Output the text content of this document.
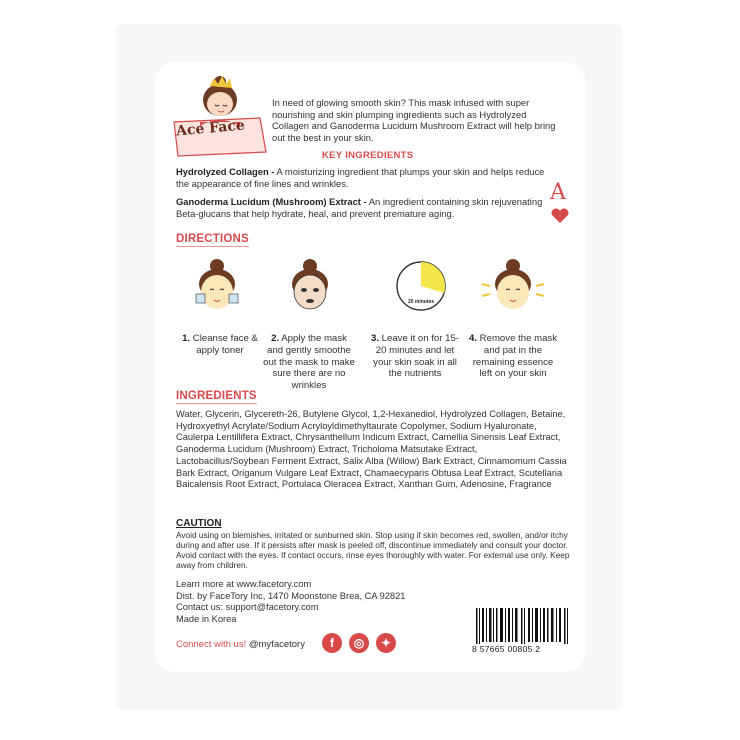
Ace Face
In need of glowing smooth skin? This mask infused with super nourishing and skin plumping ingredients such as Hydrolyzed Collagen and Ganoderma Lucidum Mushroom Extract will help bring out the best in your skin.
KEY INGREDIENTS
Hydrolyzed Collagen - A moisturizing ingredient that plumps your skin and helps reduce the appearance of fine lines and wrinkles.
Ganoderma Lucidum (Mushroom) Extract - An ingredient containing skin rejuvenating Beta-glucans that help hydrate, heal, and prevent premature aging.
A
DIRECTIONS
20 minutes
1. Cleanse face & apply toner
2. Apply the mask and gently smoothe out the mask to make sure there are no wrinkles
3. Leave it on for 15-20 minutes and let your skin soak in all the nutrients
4. Remove the mask and pat in the remaining essence left on your skin
INGREDIENTS
Water, Glycerin, Glycereth-26, Butylene Glycol, 1,2-Hexanediol, Hydrolyzed Collagen, Betaine, Hydroxyethyl Acrylate/Sodium Acryloyldimethyltaurate Copolymer, Sodium Hyaluronate, Caulerpa Lentillifera Extract, Chrysanthellum Indicum Extract, Camellia Sinensis Leaf Extract, Ganoderma Lucidum (Mushroom) Extract, Tricholoma Matsutake Extract, Lactobacillus/Soybean Ferment Extract, Salix Alba (Willow) Bark Extract, Cinnamomum Cassia Bark Extract, Origanum Vulgare Leaf Extract, Chamaecyparis Obtusa Leaf Extract, Scutellaria Baicalensis Root Extract, Portulaca Oleracea Extract, Xanthan Gum, Adenosine, Fragrance
CAUTION
Avoid using on blemishes, irritated or sunburned skin. Stop using if skin becomes red, swollen, and/or itchy during and after use. If it persists after mask is peeled off, discontinue immediately and consult your doctor. Avoid contact with the eyes. If contact occurs, rinse eyes thoroughly with water. For external use only. Keep away from children.
Learn more at www.facetory.com
Dist. by FaceTory Inc, 1470 Moonstone Brea, CA 92821
Contact us: support@facetory.com
Made in Korea
Connect with us! @myfacetory	f	◎	✦	8 57665 00805 2
